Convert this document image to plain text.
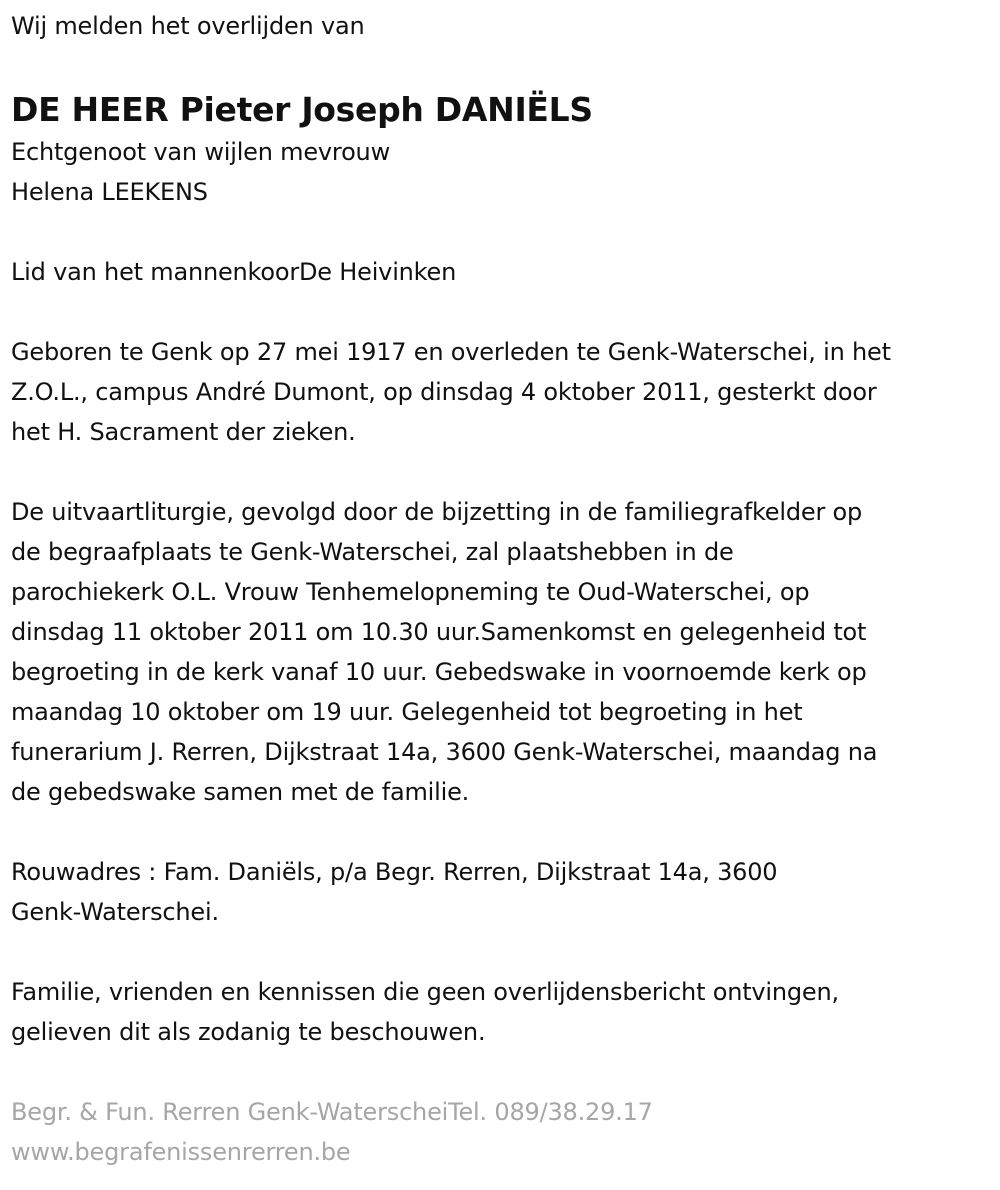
Wij melden het overlijden van

DE HEER Pieter Joseph DANIËLS

Echtgenoot van wijlen mevrouw

Helena LEEKENS

Lid van het mannenkoorDe Heivinken

Geboren te Genk op 27 mei 1917 en overleden te Genk-Waterschei, in het

Z.O.L., campus André Dumont, op dinsdag 4 oktober 2011, gesterkt door

het H. Sacrament der zieken.

De uitvaartliturgie, gevolgd door de bijzetting in de familiegrafkelder op

de begraafplaats te Genk-Waterschei, zal plaatshebben in de

parochiekerk O.L. Vrouw Tenhemelopneming te Oud-Waterschei, op

dinsdag 11 oktober 2011 om 10.30 uur.Samenkomst en gelegenheid tot

begroeting in de kerk vanaf 10 uur. Gebedswake in voornoemde kerk op

maandag 10 oktober om 19 uur. Gelegenheid tot begroeting in het

funerarium J. Rerren, Dijkstraat 14a, 3600 Genk-Waterschei, maandag na

de gebedswake samen met de familie.

Rouwadres : Fam. Daniëls, p/a Begr. Rerren, Dijkstraat 14a, 3600

Genk-Waterschei.

Familie, vrienden en kennissen die geen overlijdensbericht ontvingen,

gelieven dit als zodanig te beschouwen.

Begr. & Fun. Rerren Genk-WaterscheiTel. 089/38.29.17

www.begrafenissenrerren.be
